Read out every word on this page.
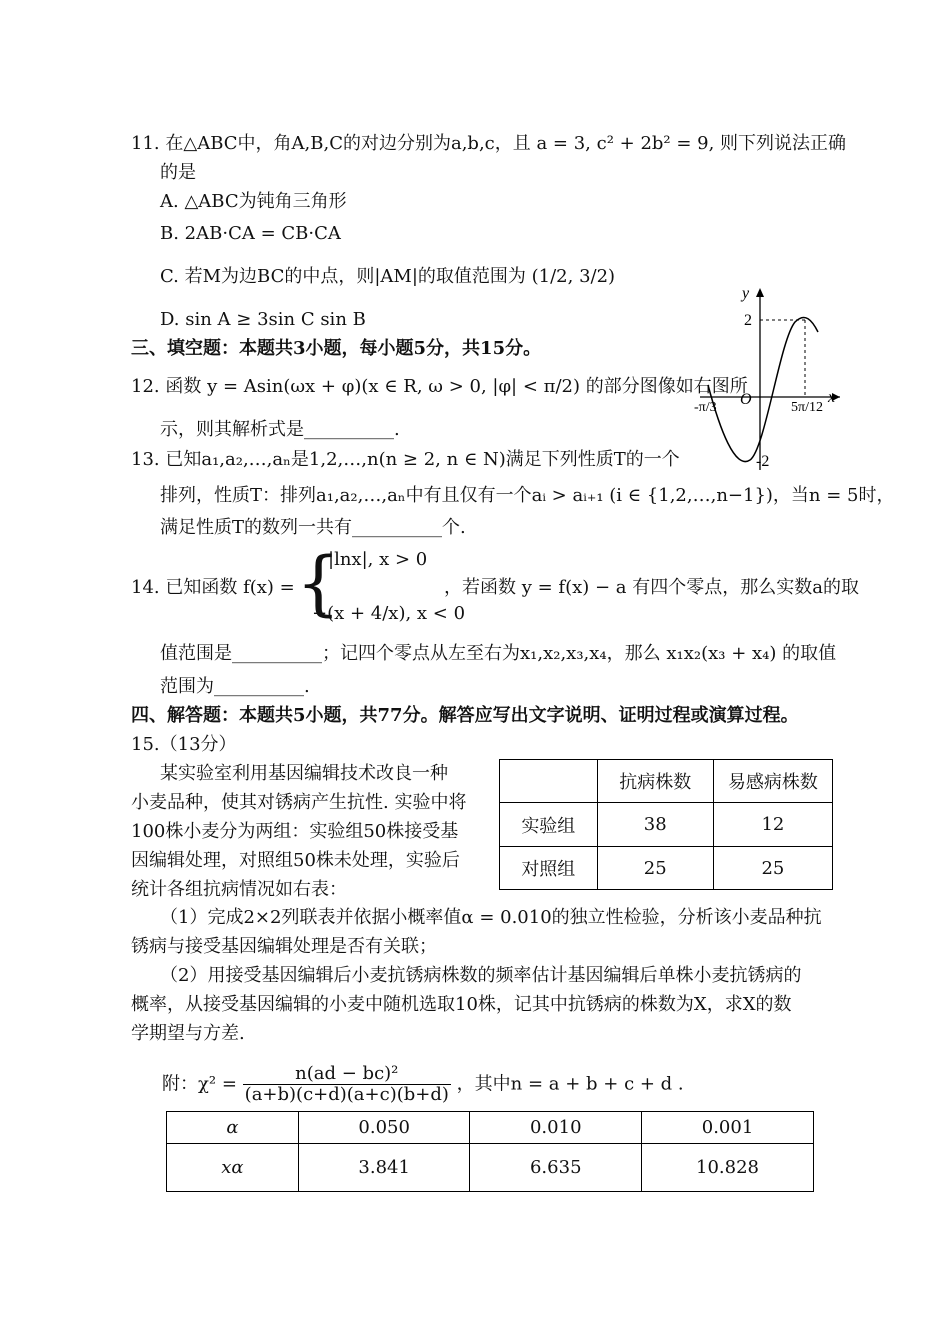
11. 在△ABC中，角A,B,C的对边分别为a,b,c，且 a = 3, c² + 2b² = 9, 则下列说法正确
的是
A. △ABC为钝角三角形
B. 2AB·CA = CB·CA
C. 若M为边BC的中点，则|AM|的取值范围为 (1/2, 3/2)
D. sin A ≥ 3sin C sin B
三、填空题：本题共3小题，每小题5分，共15分。
12. 函数 y = Asin(ωx + φ)(x ∈ R, ω > 0, |φ| < π/2) 的部分图像如右图所
示，则其解析式是__________.
y
x
O
2
-2
-π/3	5π/12
13. 已知a₁,a₂,…,aₙ是1,2,…,n(n ≥ 2, n ∈ N)满足下列性质T的一个
排列，性质T：排列a₁,a₂,…,aₙ中有且仅有一个aᵢ > aᵢ₊₁ (i ∈ {1,2,…,n−1})，当n = 5时，
满足性质T的数列一共有__________个.
14. 已知函数 f(x) = {
|lnx|, x > 0
−(x + 4/x), x < 0
，若函数 y = f(x) − a 有四个零点，那么实数a的取
值范围是__________；记四个零点从左至右为x₁,x₂,x₃,x₄，那么 x₁x₂(x₃ + x₄) 的取值
范围为__________.
四、解答题：本题共5小题，共77分。解答应写出文字说明、证明过程或演算过程。
15.（13分）
某实验室利用基因编辑技术改良一种
小麦品种，使其对锈病产生抗性. 实验中将
100株小麦分为两组：实验组50株接受基
因编辑处理，对照组50株未处理，实验后
统计各组抗病情况如右表：
	抗病株数	易感病株数
实验组	38	12
对照组	25	25
（1）完成2×2列联表并依据小概率值α = 0.010的独立性检验，分析该小麦品种抗
锈病与接受基因编辑处理是否有关联；
（2）用接受基因编辑后小麦抗锈病株数的频率估计基因编辑后单株小麦抗锈病的
概率，从接受基因编辑的小麦中随机选取10株，记其中抗锈病的株数为X，求X的数
学期望与方差.
附：$\chi^2 = \frac{\text{n(ad − bc)²}}{(a+b)(c+d)(a+c)(b+d)}$ ，其中n = a + b + c + d .
α	0.050	0.010	0.001
xα	3.841	6.635	10.828
